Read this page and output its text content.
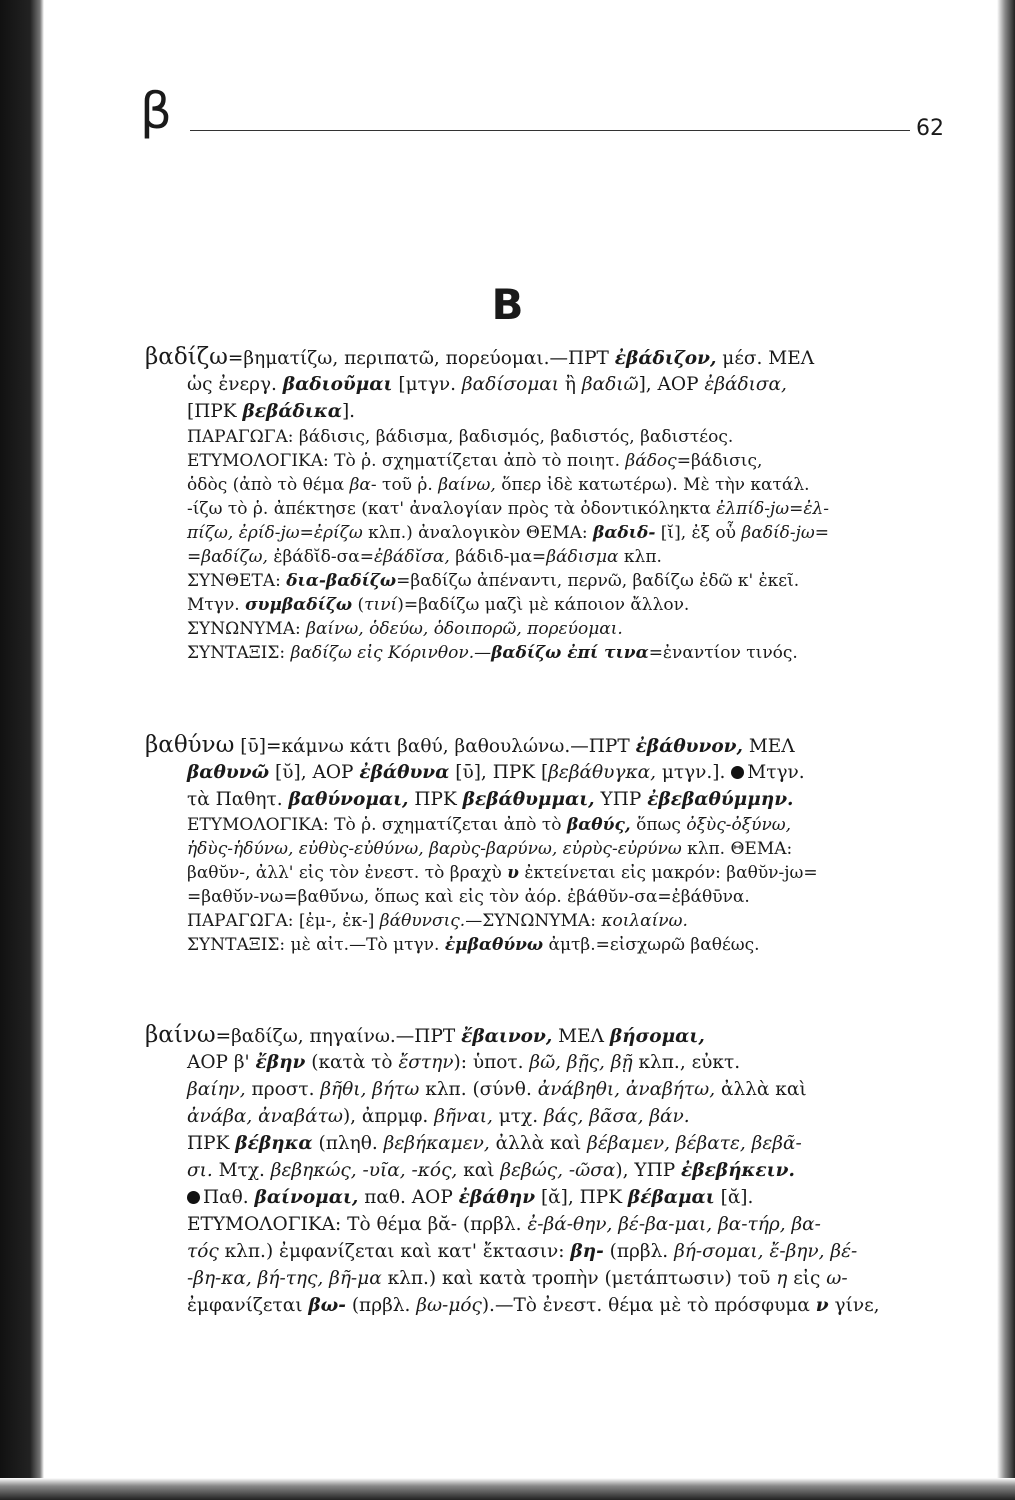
β	62
Β
βαδίζω=βηματίζω, περιπατῶ, πορεύομαι.—ΠΡΤ ἐβάδιζον, μέσ. ΜΕΛ
ὡς ἐνεργ. βαδιοῦμαι [μτγν. βαδίσομαι ἢ βαδιῶ], ΑΟΡ ἐβάδισα,
[ΠΡΚ βεβάδικα].
ΠΑΡΑΓΩΓΑ: βάδισις, βάδισμα, βαδισμός, βαδιστός, βαδιστέος.
ΕΤΥΜΟΛΟΓΙΚΑ: Τὸ ῥ. σχηματίζεται ἀπὸ τὸ ποιητ. βάδος=βάδισις,
ὁδὸς (ἀπὸ τὸ θέμα βα- τοῦ ῥ. βαίνω, ὅπερ ἰδὲ κατωτέρω). Μὲ τὴν κατάλ.
-ίζω τὸ ῥ. ἀπέκτησε (κατ' ἀναλογίαν πρὸς τὰ ὀδοντικόληκτα ἐλπίδ-jω=ἐλ-
πίζω, ἐρίδ-jω=ἐρίζω κλπ.) ἀναλογικὸν ΘΕΜΑ: βαδιδ- [ῐ], ἐξ οὗ βαδίδ-jω=
=βαδίζω, ἐβάδῐδ-σα=ἐβάδῐσα, βάδιδ-μα=βάδισμα κλπ.
ΣΥΝΘΕΤΑ: δια-βαδίζω=βαδίζω ἀπέναντι, περνῶ, βαδίζω ἐδῶ κ' ἐκεῖ.
Μτγν. συμβαδίζω (τινί)=βαδίζω μαζὶ μὲ κάποιον ἄλλον.
ΣΥΝΩΝΥΜΑ: βαίνω, ὁδεύω, ὁδοιπορῶ, πορεύομαι.
ΣΥΝΤΑΞΙΣ: βαδίζω εἰς Κόρινθον.—βαδίζω ἐπί τινα=ἐναντίον τινός.
βαθύνω [ῡ]=κάμνω κάτι βαθύ, βαθουλώνω.—ΠΡΤ ἐβάθυνον, ΜΕΛ
βαθυνῶ [ῠ], ΑΟΡ ἐβάθυνα [ῡ], ΠΡΚ [βεβάθυγκα, μτγν.]. Μτγν.
τὰ Παθητ. βαθύνομαι, ΠΡΚ βεβάθυμμαι, ΥΠΡ ἐβεβαθύμμην.
ΕΤΥΜΟΛΟΓΙΚΑ: Τὸ ῥ. σχηματίζεται ἀπὸ τὸ βαθύς, ὅπως ὀξὺς-ὀξύνω,
ἡδὺς-ἡδύνω, εὐθὺς-εὐθύνω, βαρὺς-βαρύνω, εὐρὺς-εὐρύνω κλπ. ΘΕΜΑ:
βαθῠν-, ἀλλ' εἰς τὸν ἐνεστ. τὸ βραχὺ υ ἐκτείνεται εἰς μακρόν: βαθῠν-jω=
=βαθῠ́ν-νω=βαθῡ́νω, ὅπως καὶ εἰς τὸν ἀόρ. ἐβάθῠν-σα=ἐβάθῡνα.
ΠΑΡΑΓΩΓΑ: [ἐμ-, ἐκ-] βάθυνσις.—ΣΥΝΩΝΥΜΑ: κοιλαίνω.
ΣΥΝΤΑΞΙΣ: μὲ αἰτ.—Τὸ μτγν. ἐμβαθύνω ἀμτβ.=εἰσχωρῶ βαθέως.
βαίνω=βαδίζω, πηγαίνω.—ΠΡΤ ἔβαινον, ΜΕΛ βήσομαι,
ΑΟΡ β' ἔβην (κατὰ τὸ ἔστην): ὑποτ. βῶ, βῇς, βῇ κλπ., εὐκτ.
βαίην, προστ. βῆθι, βήτω κλπ. (σύνθ. ἀνάβηθι, ἀναβήτω, ἀλλὰ καὶ
ἀνάβα, ἀναβάτω), ἀπρμφ. βῆναι, μτχ. βάς, βᾶσα, βάν.
ΠΡΚ βέβηκα (πληθ. βεβήκαμεν, ἀλλὰ καὶ βέβαμεν, βέβατε, βεβᾶ-
σι. Μτχ. βεβηκώς, -υῖα, -κός, καὶ βεβώς, -ῶσα), ΥΠΡ ἐβεβήκειν.
Παθ. βαίνομαι, παθ. ΑΟΡ ἐβάθην [ᾰ], ΠΡΚ βέβαμαι [ᾰ].
ΕΤΥΜΟΛΟΓΙΚΑ: Τὸ θέμα βᾰ- (πρβλ. ἐ-βά-θην, βέ-βα-μαι, βα-τήρ, βα-
τός κλπ.) ἐμφανίζεται καὶ κατ' ἔκτασιν: βη- (πρβλ. βή-σομαι, ἔ-βην, βέ-
-βη-κα, βή-της, βῆ-μα κλπ.) καὶ κατὰ τροπὴν (μετάπτωσιν) τοῦ η εἰς ω-
ἐμφανίζεται βω- (πρβλ. βω-μός).—Τὸ ἐνεστ. θέμα μὲ τὸ πρόσφυμα ν γίνε,
